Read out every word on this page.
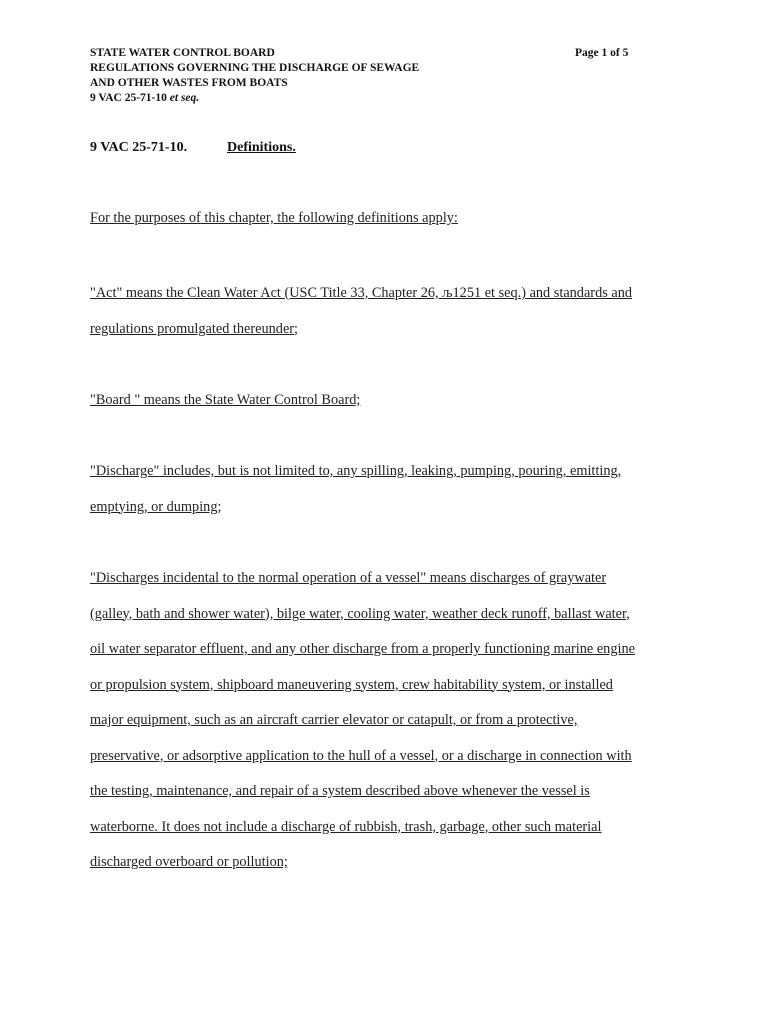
STATE WATER CONTROL BOARD
REGULATIONS GOVERNING THE DISCHARGE OF SEWAGE
AND OTHER WASTES FROM BOATS
9 VAC 25-71-10 et seq.
Page 1 of 5
9 VAC 25-71-10.	Definitions.
For the purposes of this chapter, the following definitions apply:
"Act" means the Clean Water Act (USC Title 33, Chapter 26, љ1251 et seq.) and standards and
regulations promulgated thereunder;
"Board " means the State Water Control Board;
"Discharge" includes, but is not limited to, any spilling, leaking, pumping, pouring, emitting,
emptying, or dumping;
"Discharges incidental to the normal operation of a vessel" means discharges of graywater
(galley, bath and shower water), bilge water, cooling water, weather deck runoff, ballast water,
oil water separator effluent, and any other discharge from a properly functioning marine engine
or propulsion system, shipboard maneuvering system, crew habitability system, or installed
major equipment, such as an aircraft carrier elevator or catapult, or from a protective,
preservative, or adsorptive application to the hull of a vessel, or a discharge in connection with
the testing, maintenance, and repair of a system described above whenever the vessel is
waterborne. It does not include a discharge of rubbish, trash, garbage, other such material
discharged overboard or pollution;
